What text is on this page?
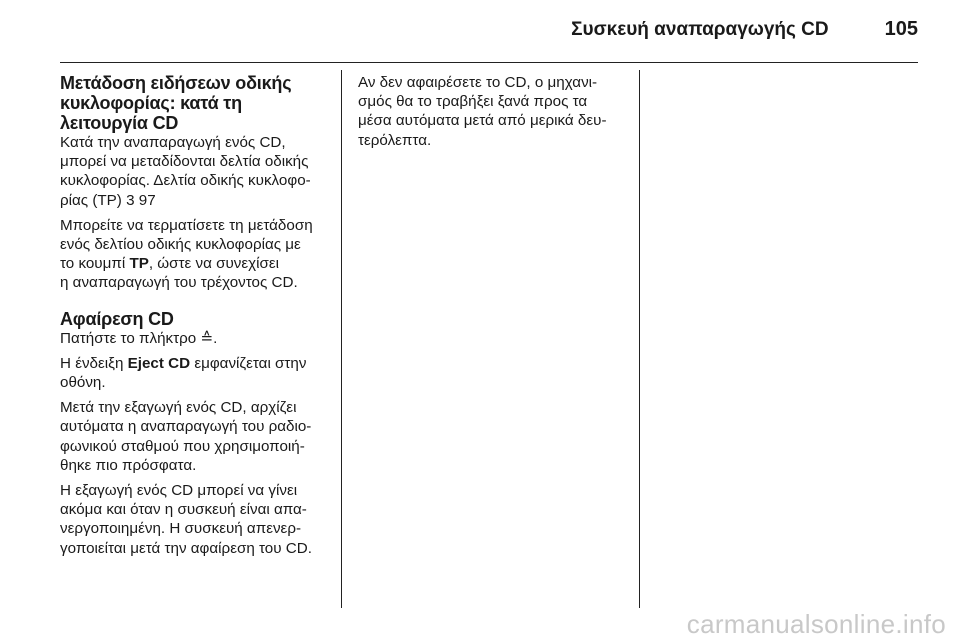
Συσκευή αναπαραγωγής CD	105
Μετάδοση ειδήσεων οδικής
κυκλοφορίας: κατά τη
λειτουργία CD

Κατά την αναπαραγωγή ενός CD,
μπορεί να μεταδίδονται δελτία οδικής
κυκλοφορίας. Δελτία οδικής κυκλοφο-
ρίας (TP) 3 97

Μπορείτε να τερματίσετε τη μετάδοση
ενός δελτίου οδικής κυκλοφορίας με
το κουμπί TP, ώστε να συνεχίσει
η αναπαραγωγή του τρέχοντος CD.

Αφαίρεση CD

Πατήστε το πλήκτρο ≙.

Η ένδειξη Eject CD εμφανίζεται στην
οθόνη.

Μετά την εξαγωγή ενός CD, αρχίζει
αυτόματα η αναπαραγωγή του ραδιο-
φωνικού σταθμού που χρησιμοποιή-
θηκε πιο πρόσφατα.

Η εξαγωγή ενός CD μπορεί να γίνει
ακόμα και όταν η συσκευή είναι απα-
νεργοποιημένη. Η συσκευή απενερ-
γοποιείται μετά την αφαίρεση του CD.

Αν δεν αφαιρέσετε το CD, ο μηχανι-
σμός θα το τραβήξει ξανά προς τα
μέσα αυτόματα μετά από μερικά δευ-
τερόλεπτα.

carmanualsonline.info
